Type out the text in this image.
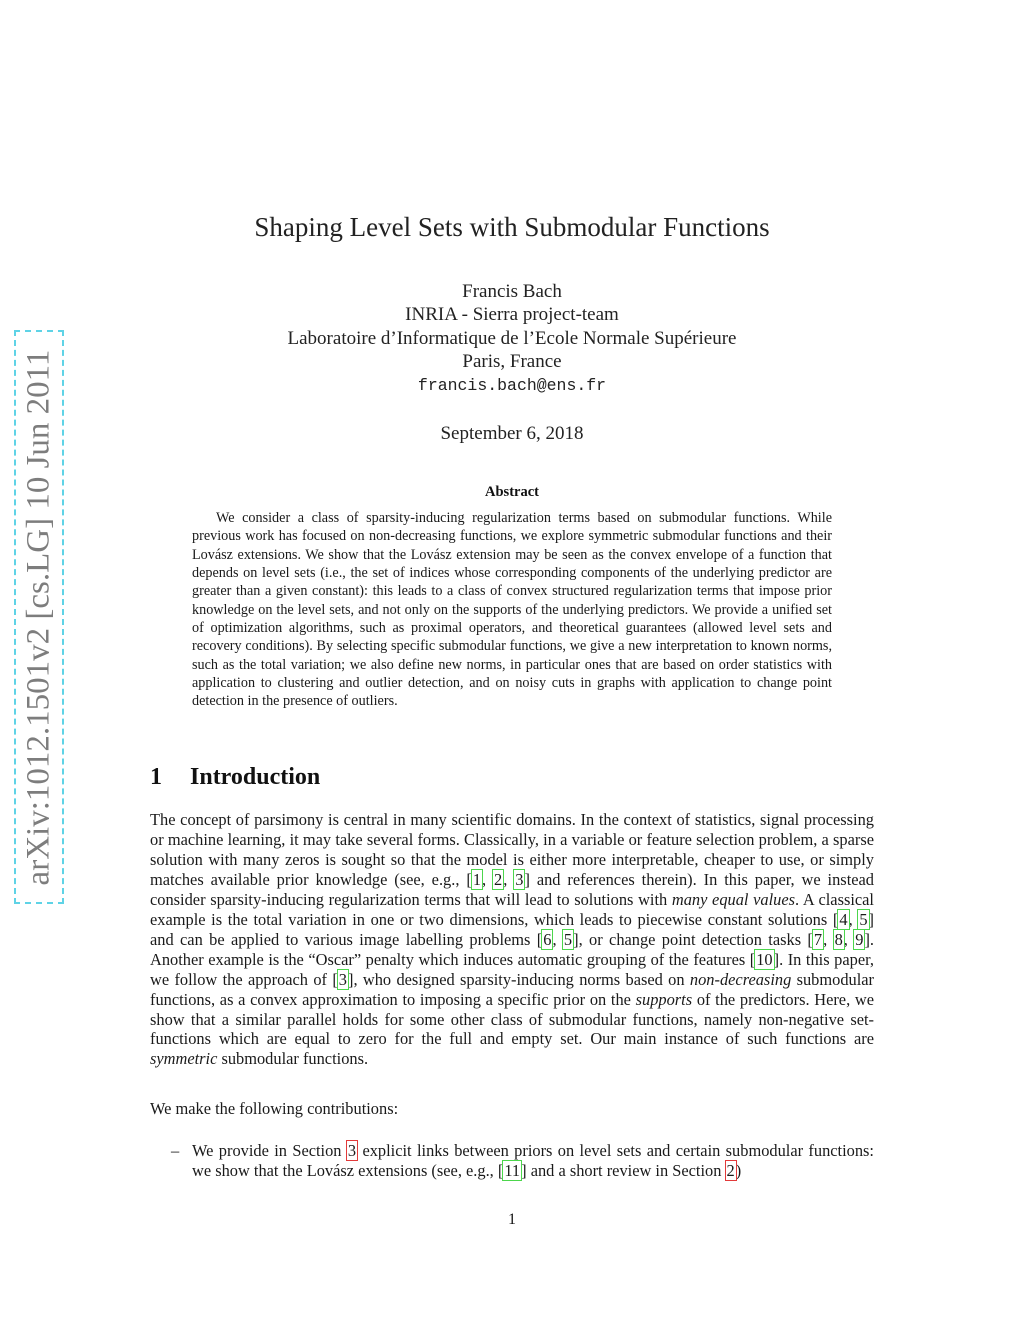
arXiv:1012.1501v2 [cs.LG] 10 Jun 2011
Shaping Level Sets with Submodular Functions
Francis Bach
INRIA - Sierra project-team
Laboratoire d’Informatique de l’Ecole Normale Supérieure
Paris, France
francis.bach@ens.fr
September 6, 2018
Abstract

We consider a class of sparsity-inducing regularization terms based on submodular functions. While previous work has focused on non-decreasing functions, we explore symmetric submodular functions and their Lovász extensions. We show that the Lovász extension may be seen as the convex envelope of a function that depends on level sets (i.e., the set of indices whose corresponding components of the underlying predictor are greater than a given constant): this leads to a class of convex structured regularization terms that impose prior knowledge on the level sets, and not only on the supports of the underlying predictors. We provide a unified set of optimization algorithms, such as proximal operators, and theoretical guarantees (allowed level sets and recovery conditions). By selecting specific submodular functions, we give a new interpretation to known norms, such as the total variation; we also define new norms, in particular ones that are based on order statistics with application to clustering and outlier detection, and on noisy cuts in graphs with application to change point detection in the presence of outliers.

1 Introduction

The concept of parsimony is central in many scientific domains. In the context of statistics, signal processing or machine learning, it may take several forms. Classically, in a variable or feature selection problem, a sparse solution with many zeros is sought so that the model is either more interpretable, cheaper to use, or simply matches available prior knowledge (see, e.g., [1, 2, 3] and references therein). In this paper, we instead consider sparsity-inducing regularization terms that will lead to solutions with many equal values. A classical example is the total variation in one or two dimensions, which leads to piecewise constant solutions [4, 5] and can be applied to various image labelling problems [6, 5], or change point detection tasks [7, 8, 9]. Another example is the “Oscar” penalty which induces automatic grouping of the features [10]. In this paper, we follow the approach of [3], who designed sparsity-inducing norms based on non-decreasing submodular functions, as a convex approximation to imposing a specific prior on the supports of the predictors. Here, we show that a similar parallel holds for some other class of submodular functions, namely non-negative set-functions which are equal to zero for the full and empty set. Our main instance of such functions are symmetric submodular functions.

We make the following contributions:

– We provide in Section 3 explicit links between priors on level sets and certain submodular functions: we show that the Lovász extensions (see, e.g., [11] and a short review in Section 2)
1
